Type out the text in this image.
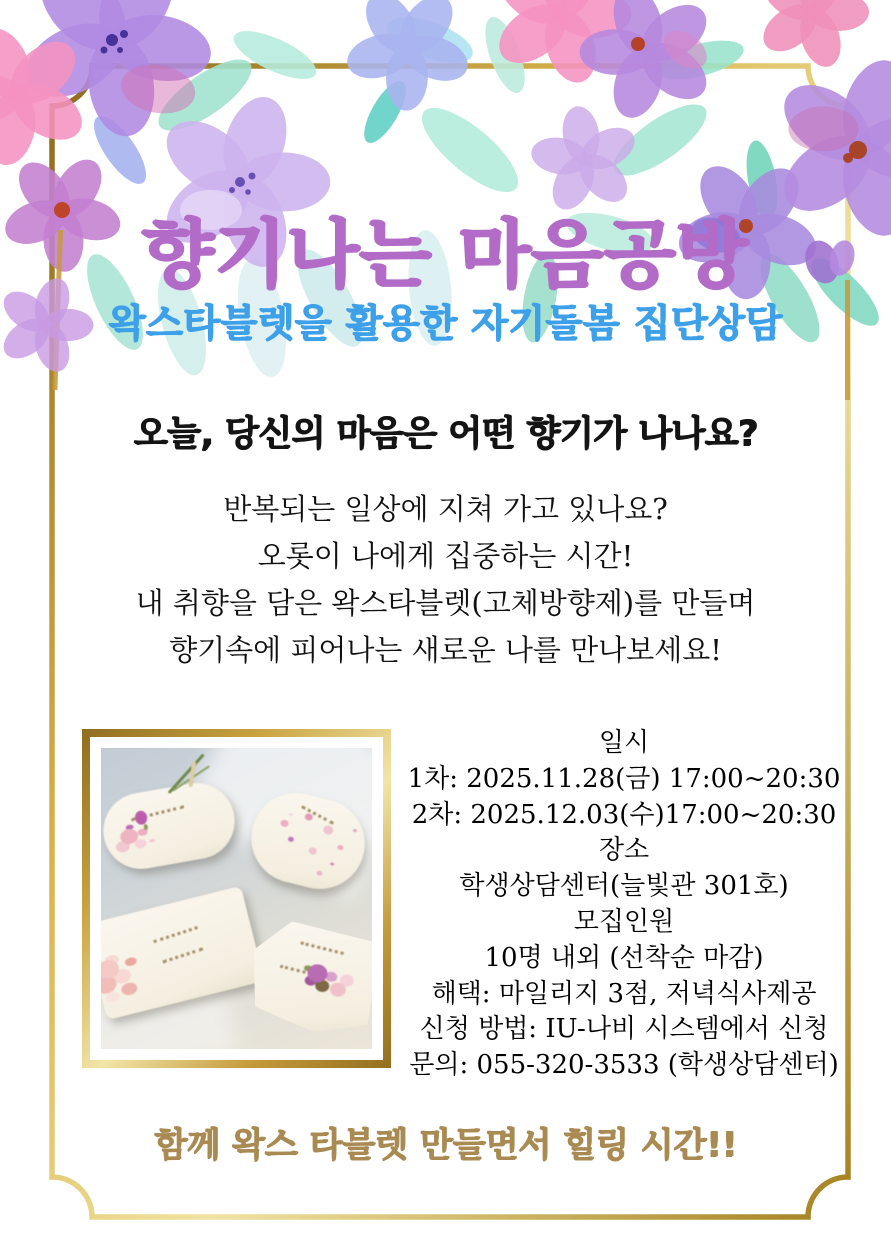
향기나는 마음공방
왁스타블렛을 활용한 자기돌봄 집단상담
오늘, 당신의 마음은 어떤 향기가 나나요?
반복되는 일상에 지쳐 가고 있나요?
오롯이 나에게 집중하는 시간!
내 취향을 담은 왁스타블렛(고체방향제)를 만들며
향기속에 피어나는 새로운 나를 만나보세요!
일시
1차: 2025.11.28(금) 17:00~20:30
2차: 2025.12.03(수)17:00~20:30
장소
학생상담센터(늘빛관 301호)
모집인원
10명 내외 (선착순 마감)
해택: 마일리지 3점, 저녁식사제공
신청 방법: IU-나비 시스템에서 신청
문의: 055-320-3533 (학생상담센터)
함께 왁스 타블렛 만들면서 힐링 시간!!
